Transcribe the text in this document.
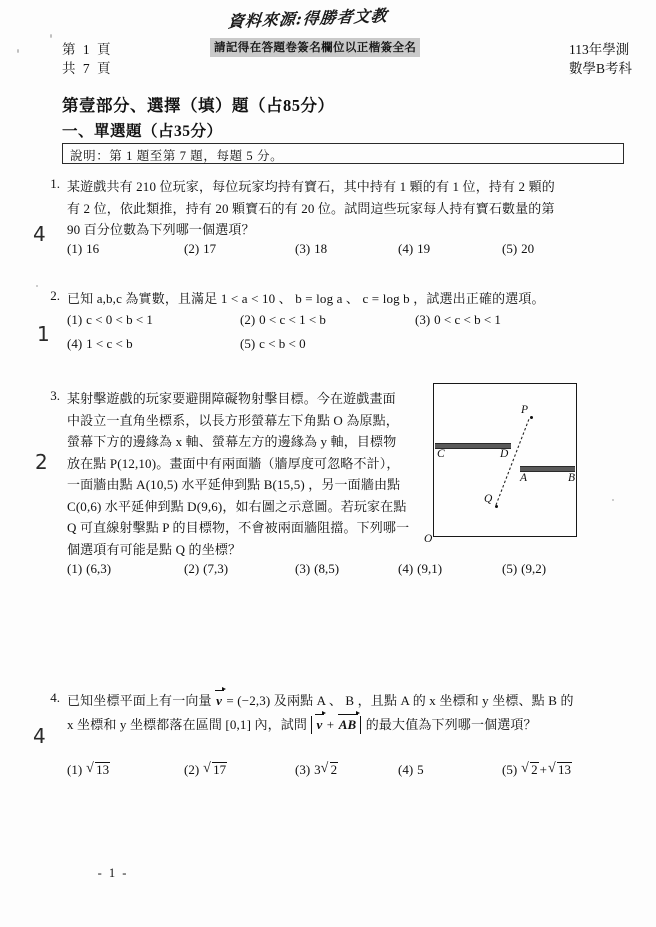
資料來源:得勝者文教
請記得在答題卷簽名欄位以正楷簽全名
第 1 頁
共 7 頁
113年學測
數學B考科
第壹部分、選擇（填）題（占85分）
一、單選題（占35分）
說明：第 1 題至第 7 題，每題 5 分。
1. 某遊戲共有 210 位玩家，每位玩家均持有寶石，其中持有 1 顆的有 1 位，持有 2 顆的
有 2 位，依此類推，持有 20 顆寶石的有 20 位。試問這些玩家每人持有寶石數量的第
90 百分位數為下列哪一個選項？
4
(1) 16	(2) 17	(3) 18	(4) 19	(5) 20
2. 已知 a,b,c 為實數，且滿足 1 < a < 10 、 b = log a 、 c = log b ，試選出正確的選項。
1
(1) c < 0 < b < 1	(2) 0 < c < 1 < b	(3) 0 < c < b < 1
(4) 1 < c < b	(5) c < b < 0
3. 某射擊遊戲的玩家要避開障礙物射擊目標。今在遊戲畫面
中設立一直角坐標系，以長方形螢幕左下角點 O 為原點，
螢幕下方的邊緣為 x 軸、螢幕左方的邊緣為 y 軸，目標物
放在點 P(12,10)。畫面中有兩面牆（牆厚度可忽略不計），
一面牆由點 A(10,5) 水平延伸到點 B(15,5) ，另一面牆由點
C(0,6) 水平延伸到點 D(9,6)，如右圖之示意圖。若玩家在點
Q 可直線射擊點 P 的目標物，不會被兩面牆阻擋。下列哪一
個選項有可能是點 Q 的坐標？
2
P
Q
O
A	B
C	D
(1) (6,3)	(2) (7,3)	(3) (8,5)	(4) (9,1)	(5) (9,2)
4. 已知坐標平面上有一向量 v
= (−2,3) 及兩點 A 、 B ，且點 A 的 x 坐標和 y 坐標、點 B 的
x 坐標和 y 坐標都落在區間 [0,1] 內，試問 v
+ AB
的最大值為下列哪一個選項？
4
(1) √ 13	(2) √ 17	(3) 3 √ 2	(4) 5	(5) √ 2 + √ 13
- 1 -
